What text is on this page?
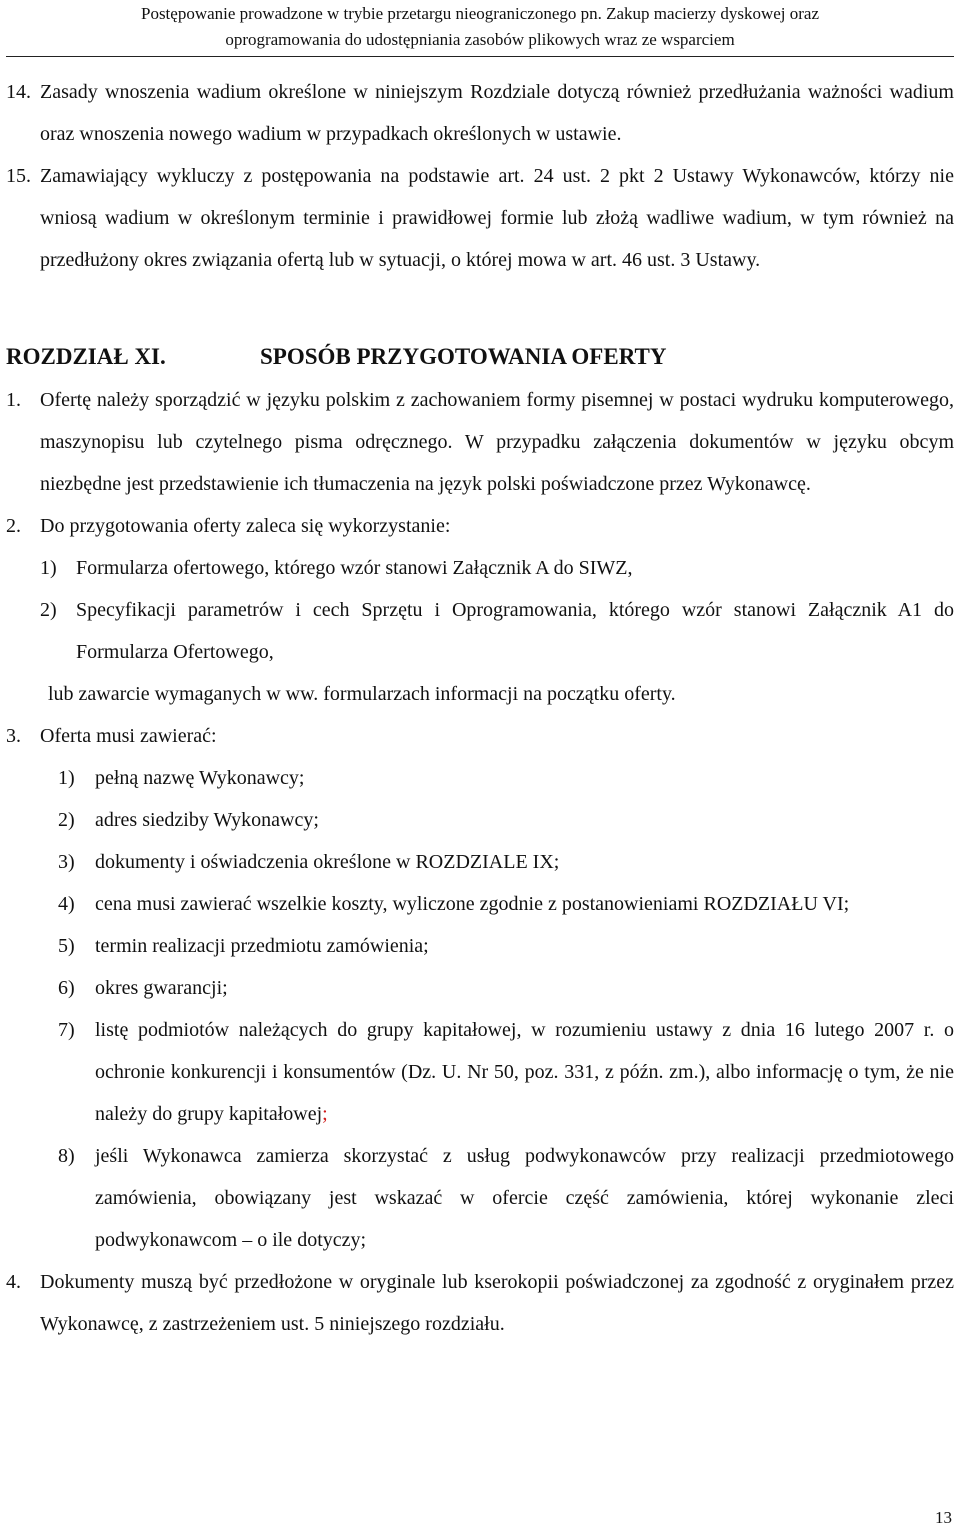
Postępowanie prowadzone w trybie przetargu nieograniczonego pn. Zakup macierzy dyskowej oraz
oprogramowania do udostępniania zasobów plikowych wraz ze wsparciem
14. Zasady wnoszenia wadium określone w niniejszym Rozdziale dotyczą również przedłużania ważności wadium oraz wnoszenia nowego wadium w przypadkach określonych w ustawie.
15. Zamawiający wykluczy z postępowania na podstawie art. 24 ust. 2 pkt 2 Ustawy Wykonawców, którzy nie wniosą wadium w określonym terminie i prawidłowej formie lub złożą wadliwe wadium, w tym również na przedłużony okres związania ofertą lub w sytuacji, o której mowa w art. 46 ust. 3 Ustawy.
ROZDZIAŁ XI.	SPOSÓB PRZYGOTOWANIA OFERTY
1. Ofertę należy sporządzić w języku polskim z zachowaniem formy pisemnej w postaci wydruku komputerowego, maszynopisu lub czytelnego pisma odręcznego. W przypadku załączenia dokumentów w języku obcym niezbędne jest przedstawienie ich tłumaczenia na język polski poświadczone przez Wykonawcę.
2. Do przygotowania oferty zaleca się wykorzystanie:
1) Formularza ofertowego, którego wzór stanowi Załącznik A do SIWZ,
2) Specyfikacji parametrów i cech Sprzętu i Oprogramowania, którego wzór stanowi Załącznik A1 do Formularza Ofertowego,
lub zawarcie wymaganych w ww. formularzach informacji na początku oferty.
3. Oferta musi zawierać:
1) pełną nazwę Wykonawcy;
2) adres siedziby Wykonawcy;
3) dokumenty i oświadczenia określone w ROZDZIALE IX;
4) cena musi zawierać wszelkie koszty, wyliczone zgodnie z postanowieniami ROZDZIAŁU VI;
5) termin realizacji przedmiotu zamówienia;
6) okres gwarancji;
7) listę podmiotów należących do grupy kapitałowej, w rozumieniu ustawy z dnia 16 lutego 2007 r. o ochronie konkurencji i konsumentów (Dz. U. Nr 50, poz. 331, z późn. zm.), albo informację o tym, że nie należy do grupy kapitałowej;
8) jeśli Wykonawca zamierza skorzystać z usług podwykonawców przy realizacji przedmiotowego zamówienia, obowiązany jest wskazać w ofercie część zamówienia, której wykonanie zleci podwykonawcom – o ile dotyczy;
4. Dokumenty muszą być przedłożone w oryginale lub kserokopii poświadczonej za zgodność z oryginałem przez Wykonawcę, z zastrzeżeniem ust. 5 niniejszego rozdziału.
13
